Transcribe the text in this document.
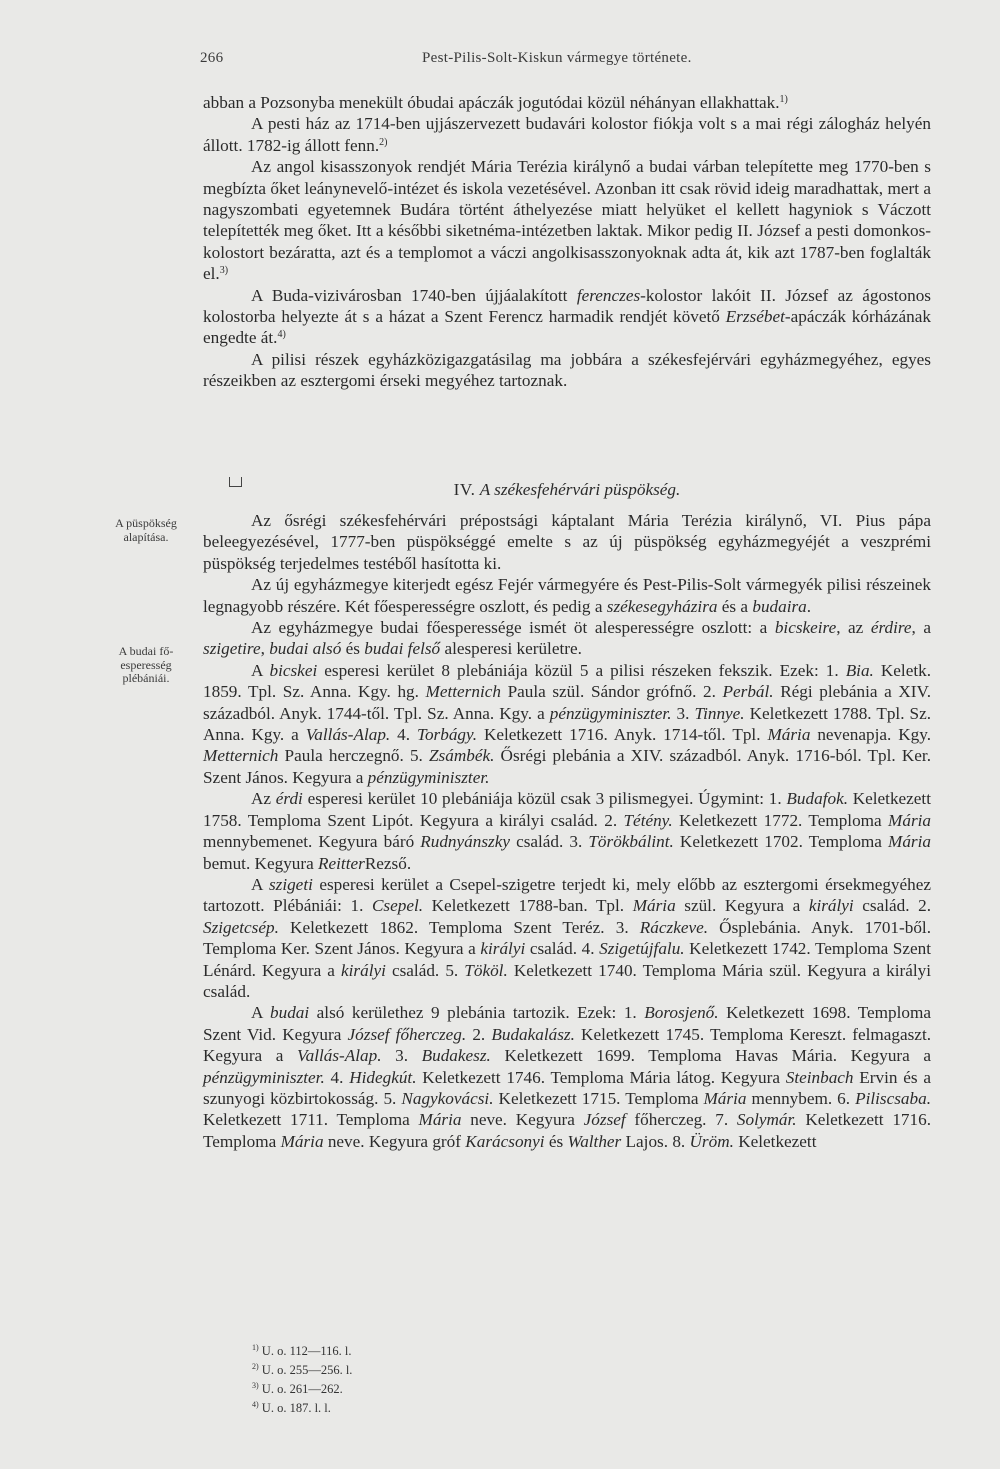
266	Pest-Pilis-Solt-Kiskun vármegye története.

abban a Pozsonyba menekült óbudai apáczák jogutódai közül néhányan ellakhattak.$^{1)}$

A pesti ház az 1714-ben ujjászervezett budavári kolostor fiókja volt s a mai régi zálogház helyén állott. 1782-ig állott fenn.$^{2)}$

Az angol kisasszonyok rendjét Mária Terézia királynő a budai várban telepítette meg 1770-ben s megbízta őket leánynevelő-intézet és iskola vezetésével. Azonban itt csak rövid ideig maradhattak, mert a nagyszombati egyetemnek Budára történt áthelyezése miatt helyüket el kellett hagyniok s Váczott telepítették meg őket. Itt a későbbi siketnéma-intézetben laktak. Mikor pedig II. József a pesti domonkos-kolostort bezáratta, azt és a templomot a váczi angolkisasszonyoknak adta át, kik azt 1787-ben foglalták el.$^{3)}$

A Buda-vizivárosban 1740-ben újjáalakított ferenczes-kolostor lakóit II. József az ágostonos kolostorba helyezte át s a házat a Szent Ferencz harmadik rendjét követő Erzsébet-apáczák kórházának engedte át.$^{4)}$

A pilisi részek egyházközigazgatásilag ma jobbára a székesfejérvári egyházmegyéhez, egyes részeikben az esztergomi érseki megyéhez tartoznak.

IV. A székesfehérvári püspökség.
A püspökség alapítása.
A budai fő-esperesség plébániái.

Az ősrégi székesfehérvári prépostsági káptalant Mária Terézia királynő, VI. Pius pápa beleegyezésével, 1777-ben püspökséggé emelte s az új püspökség egyházmegyéjét a veszprémi püspökség terjedelmes testéből hasította ki.

Az új egyházmegye kiterjedt egész Fejér vármegyére és Pest-Pilis-Solt vármegyék pilisi részeinek legnagyobb részére. Két főesperességre oszlott, és pedig a székesegyházira és a budaira.

Az egyházmegye budai főesperessége ismét öt alesperességre oszlott: a bicskeire, az érdire, a szigetire, budai alsó és budai felső alesperesi kerületre.

A bicskei esperesi kerület 8 plebániája közül 5 a pilisi részeken fekszik. Ezek: 1. Bia. Keletk. 1859. Tpl. Sz. Anna. Kgy. hg. Metternich Paula szül. Sándor grófnő. 2. Perbál. Régi plebánia a XIV. századból. Anyk. 1744-től. Tpl. Sz. Anna. Kgy. a pénzügyminiszter. 3. Tinnye. Keletkezett 1788. Tpl. Sz. Anna. Kgy. a Vallás-Alap. 4. Torbágy. Keletkezett 1716. Anyk. 1714-től. Tpl. Mária nevenapja. Kgy. Metternich Paula herczegnő. 5. Zsámbék. Ősrégi plebánia a XIV. századból. Anyk. 1716-ból. Tpl. Ker. Szent János. Kegyura a pénzügyminiszter.

Az érdi esperesi kerület 10 plebániája közül csak 3 pilismegyei. Úgymint: 1. Budafok. Keletkezett 1758. Temploma Szent Lipót. Kegyura a királyi család. 2. Tétény. Keletkezett 1772. Temploma Mária mennybemenet. Kegyura báró Rudnyánszky család. 3. Törökbálint. Keletkezett 1702. Temploma Mária bemut. Kegyura ReitterRezső.

A szigeti esperesi kerület a Csepel-szigetre terjedt ki, mely előbb az esztergomi érsekmegyéhez tartozott. Plébániái: 1. Csepel. Keletkezett 1788-ban. Tpl. Mária szül. Kegyura a királyi család. 2. Szigetcsép. Keletkezett 1862. Temploma Szent Teréz. 3. Ráczkeve. Ősplebánia. Anyk. 1701-ből. Temploma Ker. Szent János. Kegyura a királyi család. 4. Szigetújfalu. Keletkezett 1742. Temploma Szent Lénárd. Kegyura a királyi család. 5. Tököl. Keletkezett 1740. Temploma Mária szül. Kegyura a királyi család.

A budai alsó kerülethez 9 plebánia tartozik. Ezek: 1. Borosjenő. Keletkezett 1698. Temploma Szent Vid. Kegyura József főherczeg. 2. Budakalász. Keletkezett 1745. Temploma Kereszt. felmagaszt. Kegyura a Vallás-Alap. 3. Budakesz. Keletkezett 1699. Temploma Havas Mária. Kegyura a pénzügyminiszter. 4. Hidegkút. Keletkezett 1746. Temploma Mária látog. Kegyura Steinbach Ervin és a szunyogi közbirtokosság. 5. Nagykovácsi. Keletkezett 1715. Temploma Mária mennybem. 6. Piliscsaba. Keletkezett 1711. Temploma Mária neve. Kegyura József főherczeg. 7. Solymár. Keletkezett 1716. Temploma Mária neve. Kegyura gróf Karácsonyi és Walther Lajos. 8. Üröm. Keletkezett

$^{1)}$ U. o. 112—116. l.
$^{2)}$ U. o. 255—256. l.
$^{3)}$ U. o. 261—262.
$^{4)}$ U. o. 187. l. l.
